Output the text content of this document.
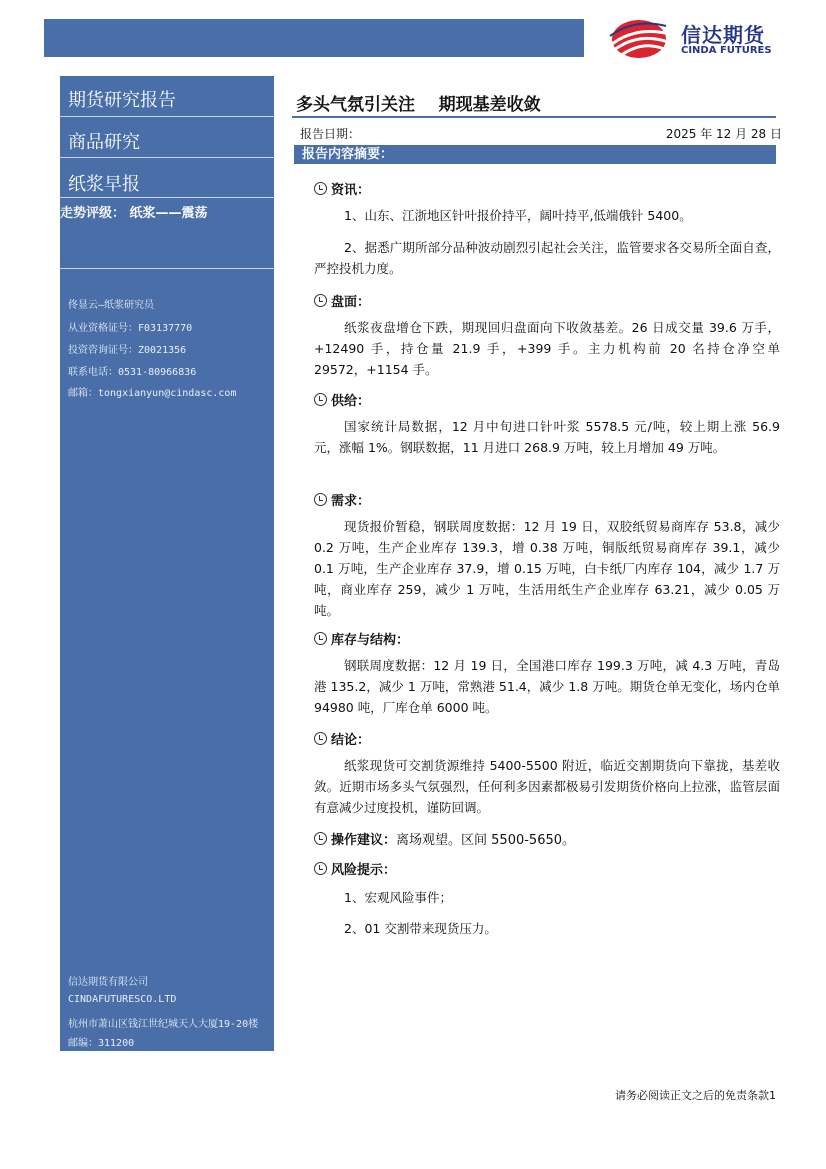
信达期货
CINDA FUTURES
期货研究报告
商品研究
纸浆早报
走势评级： 纸浆——震荡
佟显云—纸浆研究员
从业资格证号：F03137770
投资咨询证号：Z0021356
联系电话：0531-80966836
邮箱：tongxianyun@cindasc.com
信达期货有限公司
CINDAFUTURESCO.LTD
杭州市萧山区钱江世纪城天人大厦19-20楼
邮编：311200
多头气氛引关注    期现基差收敛
报告日期：	2025 年 12 月 28 日
报告内容摘要：
资讯：

1、山东、江浙地区针叶报价持平，阔叶持平,低端俄针 5400。

2、据悉广期所部分品种波动剧烈引起社会关注，监管要求各交易所全面自查，严控投机力度。

盘面：

纸浆夜盘增仓下跌，期现回归盘面向下收敛基差。26 日成交量 39.6 万手，+12490 手，持仓量 21.9 手，+399 手。主力机构前 20 名持仓净空单 29572，+1154 手。

供给：

国家统计局数据，12 月中旬进口针叶浆 5578.5 元/吨，较上期上涨 56.9 元，涨幅 1%。钢联数据，11 月进口 268.9 万吨，较上月增加 49 万吨。

需求：

现货报价暂稳，钢联周度数据：12 月 19 日，双胶纸贸易商库存 53.8，减少 0.2 万吨，生产企业库存 139.3，增 0.38 万吨，铜版纸贸易商库存 39.1，减少 0.1 万吨，生产企业库存 37.9，增 0.15 万吨，白卡纸厂内库存 104，减少 1.7 万吨，商业库存 259，减少 1 万吨，生活用纸生产企业库存 63.21，减少 0.05 万吨。

库存与结构：

钢联周度数据：12 月 19 日，全国港口库存 199.3 万吨，减 4.3 万吨，青岛港 135.2，减少 1 万吨，常熟港 51.4，减少 1.8 万吨。期货仓单无变化，场内仓单 94980 吨，厂库仓单 6000 吨。

结论：

纸浆现货可交割货源维持 5400-5500 附近，临近交割期货向下靠拢，基差收敛。近期市场多头气氛强烈，任何利多因素都极易引发期货价格向上拉涨，监管层面有意减少过度投机，谨防回调。

操作建议：离场观望。区间 5500-5650。
风险提示：

1、宏观风险事件；

2、01 交割带来现货压力。

请务必阅读正文之后的免责条款1
